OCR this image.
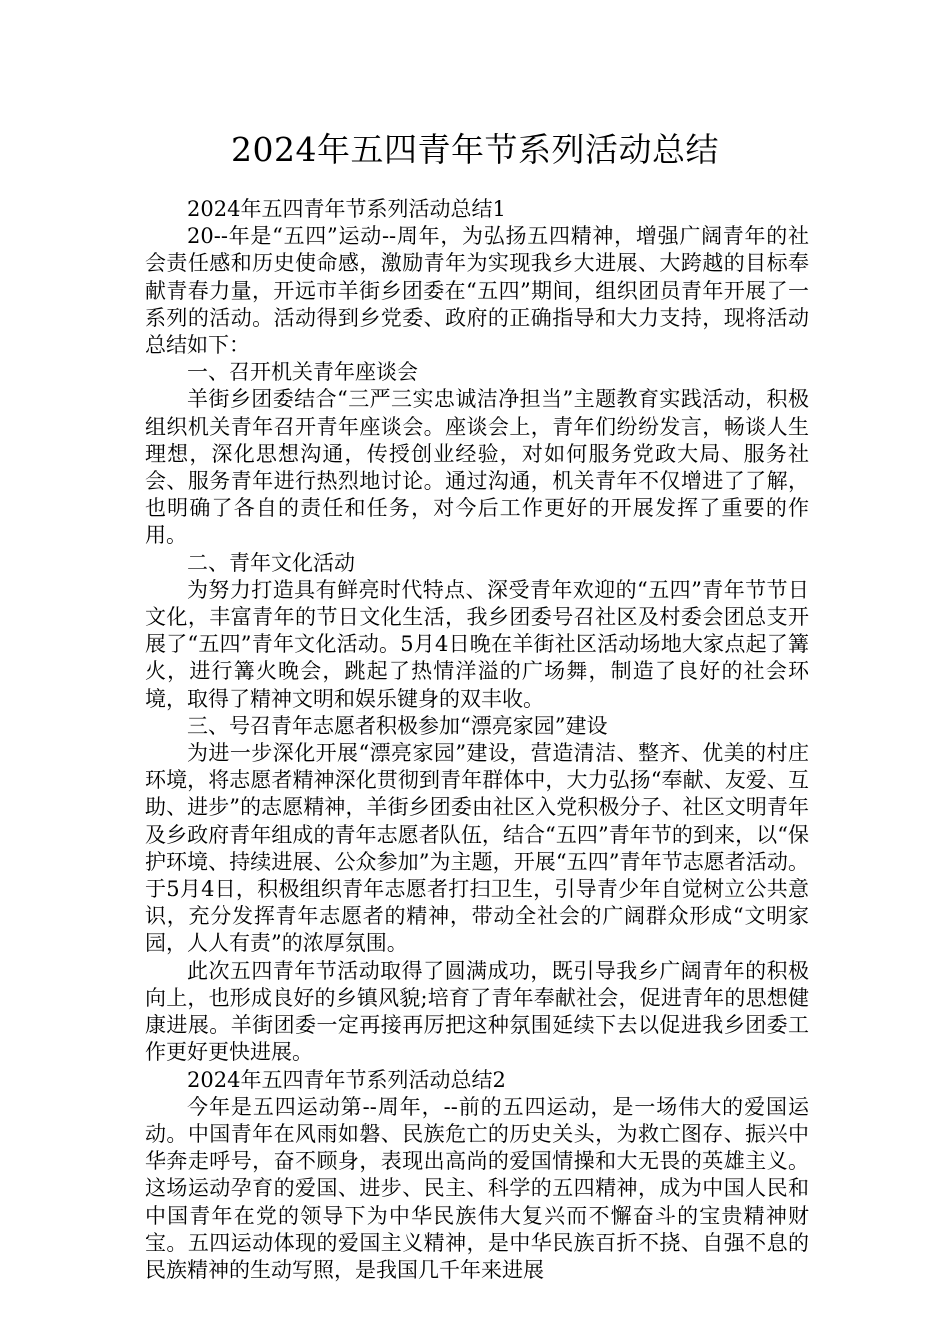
2024年五四青年节系列活动总结

2024年五四青年节系列活动总结1

20--年是“五四”运动--周年，为弘扬五四精神，增强广阔青年的社会责任感和历史使命感，激励青年为实现我乡大进展、大跨越的目标奉献青春力量，开远市羊街乡团委在“五四”期间，组织团员青年开展了一系列的活动。活动得到乡党委、政府的正确指导和大力支持，现将活动总结如下：

一、召开机关青年座谈会

羊街乡团委结合“三严三实忠诚洁净担当”主题教育实践活动，积极组织机关青年召开青年座谈会。座谈会上，青年们纷纷发言，畅谈人生理想，深化思想沟通，传授创业经验，对如何服务党政大局、服务社会、服务青年进行热烈地讨论。通过沟通，机关青年不仅增进了了解，也明确了各自的责任和任务，对今后工作更好的开展发挥了重要的作用。

二、青年文化活动

为努力打造具有鲜亮时代特点、深受青年欢迎的“五四”青年节节日文化，丰富青年的节日文化生活，我乡团委号召社区及村委会团总支开展了“五四”青年文化活动。5月4日晚在羊街社区活动场地大家点起了篝火，进行篝火晚会，跳起了热情洋溢的广场舞，制造了良好的社会环境，取得了精神文明和娱乐键身的双丰收。

三、号召青年志愿者积极参加“漂亮家园”建设

为进一步深化开展“漂亮家园”建设，营造清洁、整齐、优美的村庄环境，将志愿者精神深化贯彻到青年群体中，大力弘扬“奉献、友爱、互助、进步”的志愿精神，羊街乡团委由社区入党积极分子、社区文明青年及乡政府青年组成的青年志愿者队伍，结合“五四”青年节的到来，以“保护环境、持续进展、公众参加”为主题，开展“五四”青年节志愿者活动。于5月4日，积极组织青年志愿者打扫卫生，引导青少年自觉树立公共意识，充分发挥青年志愿者的精神，带动全社会的广阔群众形成“文明家园，人人有责”的浓厚氛围。

此次五四青年节活动取得了圆满成功，既引导我乡广阔青年的积极向上，也形成良好的乡镇风貌;培育了青年奉献社会，促进青年的思想健康进展。羊街团委一定再接再厉把这种氛围延续下去以促进我乡团委工作更好更快进展。

2024年五四青年节系列活动总结2

今年是五四运动第--周年，--前的五四运动，是一场伟大的爱国运动。中国青年在风雨如磐、民族危亡的历史关头，为救亡图存、振兴中华奔走呼号，奋不顾身，表现出高尚的爱国情操和大无畏的英雄主义。这场运动孕育的爱国、进步、民主、科学的五四精神，成为中国人民和中国青年在党的领导下为中华民族伟大复兴而不懈奋斗的宝贵精神财宝。五四运动体现的爱国主义精神，是中华民族百折不挠、自强不息的民族精神的生动写照，是我国几千年来进展
